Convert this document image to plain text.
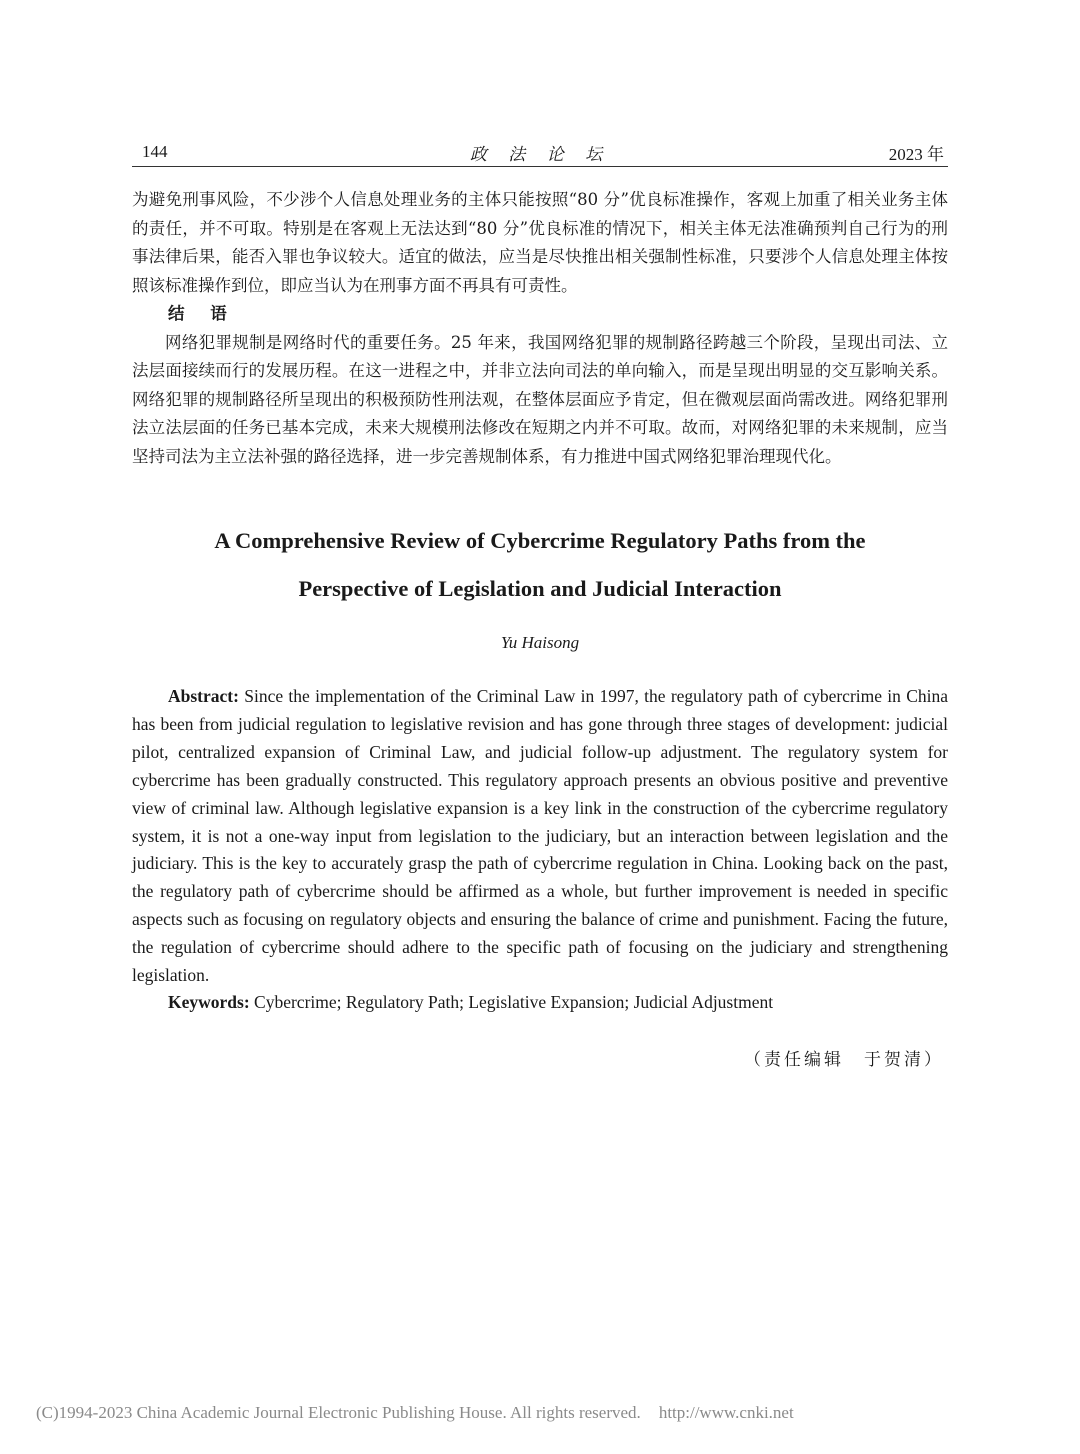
144	政 法 论 坛	2023 年

为避免刑事风险，不少涉个人信息处理业务的主体只能按照“80 分”优良标准操作，客观上加重了相关业务主体的责任，并不可取。特别是在客观上无法达到“80 分”优良标准的情况下，相关主体无法准确预判自己行为的刑事法律后果，能否入罪也争议较大。适宜的做法，应当是尽快推出相关强制性标准，只要涉个人信息处理主体按照该标准操作到位，即应当认为在刑事方面不再具有可责性。

结 语

网络犯罪规制是网络时代的重要任务。25 年来，我国网络犯罪的规制路径跨越三个阶段，呈现出司法、立法层面接续而行的发展历程。在这一进程之中，并非立法向司法的单向输入，而是呈现出明显的交互影响关系。网络犯罪的规制路径所呈现出的积极预防性刑法观，在整体层面应予肯定，但在微观层面尚需改进。网络犯罪刑法立法层面的任务已基本完成，未来大规模刑法修改在短期之内并不可取。故而，对网络犯罪的未来规制，应当坚持司法为主立法补强的路径选择，进一步完善规制体系，有力推进中国式网络犯罪治理现代化。

A Comprehensive Review of Cybercrime Regulatory Paths from the
Perspective of Legislation and Judicial Interaction
Yu Haisong

Abstract: Since the implementation of the Criminal Law in 1997, the regulatory path of cybercrime in China has been from judicial regulation to legislative revision and has gone through three stages of development: judicial pilot, centralized expansion of Criminal Law, and judicial follow-up adjustment. The regulatory system for cybercrime has been gradually constructed. This regulatory approach presents an obvious positive and preventive view of criminal law. Although legislative expansion is a key link in the construction of the cybercrime regulatory system, it is not a one-way input from legislation to the judiciary, but an interaction between legislation and the judiciary. This is the key to accurately grasp the path of cybercrime regulation in China. Looking back on the past, the regulatory path of cybercrime should be affirmed as a whole, but further improvement is needed in specific aspects such as focusing on regulatory objects and ensuring the balance of crime and punishment. Facing the future, the regulation of cybercrime should adhere to the specific path of focusing on the judiciary and strengthening legislation.

Keywords: Cybercrime; Regulatory Path; Legislative Expansion; Judicial Adjustment

（责任编辑　于贺清）
(C)1994-2023 China Academic Journal Electronic Publishing House. All rights reserved. http://www.cnki.net
